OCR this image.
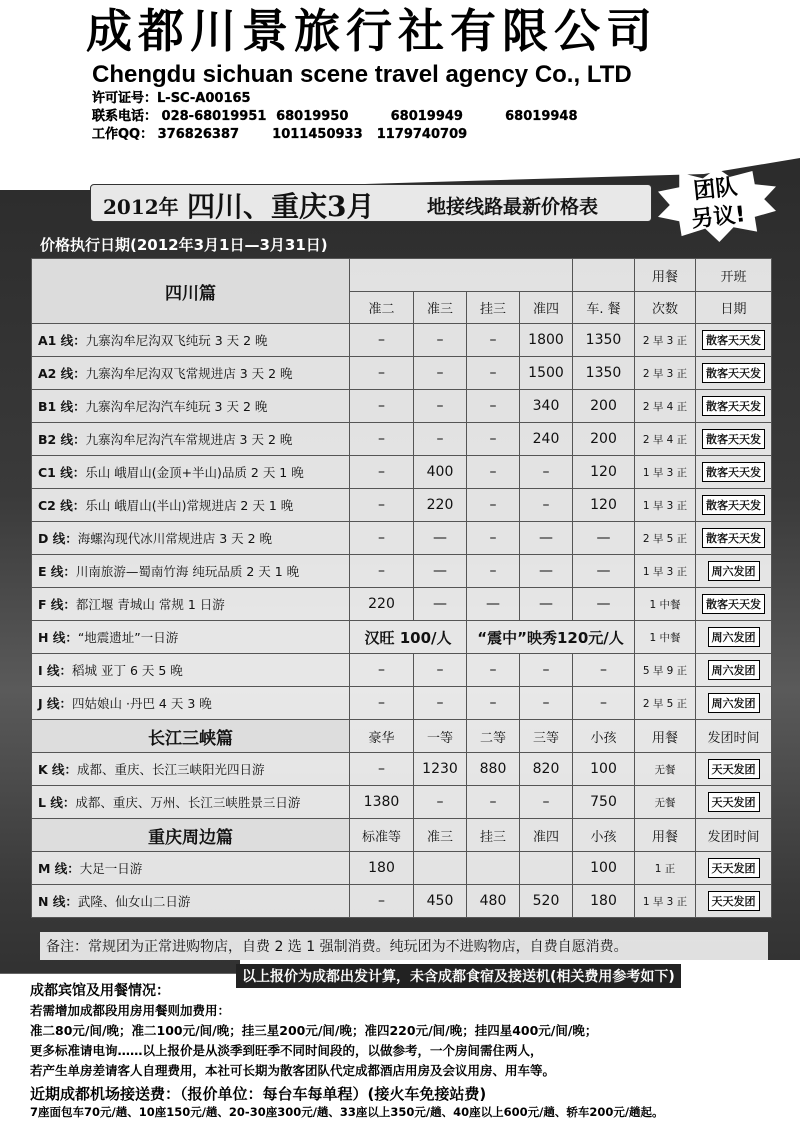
成都川景旅行社有限公司
Chengdu sichuan scene travel agency Co., LTD
许可证号：L-SC-A00165
联系电话： 028-68019951 68019950	68019949	68019948
工作QQ： 376826387	1011450933 1179740709
地　　址： 成都市西安南路69号西雅图5-22室	传　真： 028-68019946
2012年 四川、重庆3月	地接线路最新价格表
团队
另议!
价格执行日期(2012年3月1日—3月31日)
四川篇						用餐	开班
	准二	准三	挂三	准四	车. 餐	次数	日期
A1 线：九寨沟牟尼沟双飞纯玩 3 天 2 晚	–	–	–	1800	1350	2 早 3 正	散客天天发
A2 线：九寨沟牟尼沟双飞常规进店 3 天 2 晚	–	–	–	1500	1350	2 早 3 正	散客天天发
B1 线：九寨沟牟尼沟汽车纯玩 3 天 2 晚	–	–	–	340	200	2 早 4 正	散客天天发
B2 线：九寨沟牟尼沟汽车常规进店 3 天 2 晚	–	–	–	240	200	2 早 4 正	散客天天发
C1 线：乐山 峨眉山(金顶+半山)品质 2 天 1 晚	–	400	–	–	120	1 早 3 正	散客天天发
C2 线：乐山 峨眉山(半山)常规进店 2 天 1 晚	–	220	–	–	120	1 早 3 正	散客天天发
D 线：海螺沟现代冰川常规进店 3 天 2 晚	–	—	–	—	—	2 早 5 正	散客天天发
E 线：川南旅游—蜀南竹海 纯玩品质 2 天 1 晚	–	—	–	—	—	1 早 3 正	周六发团
F 线：都江堰 青城山 常规 1 日游	220	—	—	—	—	1 中餐	散客天天发
H 线：“地震遗址”一日游	汉旺 100/人		“震中”映秀120元/人			1 中餐	周六发团
I 线：稻城 亚丁 6 天 5 晚	–	–	–	–	–	5 早 9 正	周六发团
J 线：四姑娘山 ·丹巴 4 天 3 晚	–	–	–	–	–	2 早 5 正	周六发团
长江三峡篇	豪华	一等	二等	三等	小孩	用餐	发团时间
K 线：成都、重庆、长江三峡阳光四日游	–	1230	880	820	100	无餐	天天发团
L 线：成都、重庆、万州、长江三峡胜景三日游	1380	–	–	–	750	无餐	天天发团
重庆周边篇	标准等	准三	挂三	准四	小孩	用餐	发团时间
M 线：大足一日游	180				100	1 正	天天发团
N 线：武隆、仙女山二日游	–	450	480	520	180	1 早 3 正	天天发团
备注：常规团为正常进购物店，自费 2 选 1 强制消费。纯玩团为不进购物店，自费自愿消费。
以上报价为成都出发计算，未含成都食宿及接送机(相关费用参考如下)
成都宾馆及用餐情况：
若需增加成都段用房用餐则加费用：
准二80元/间/晚；准二100元/间/晚；挂三星200元/间/晚；准四220元/间/晚；挂四星400元/间/晚；
更多标准请电询……以上报价是从淡季到旺季不同时间段的，以做参考，一个房间需住两人，
若产生单房差请客人自理费用，本社可长期为散客团队代定成都酒店用房及会议用房、用车等。
近期成都机场接送费：（报价单位：每台车每单程）(接火车免接站费)
7座面包车70元/趟、10座150元/趟、20-30座300元/趟、33座以上350元/趟、40座以上600元/趟、轿车200元/趟起。
